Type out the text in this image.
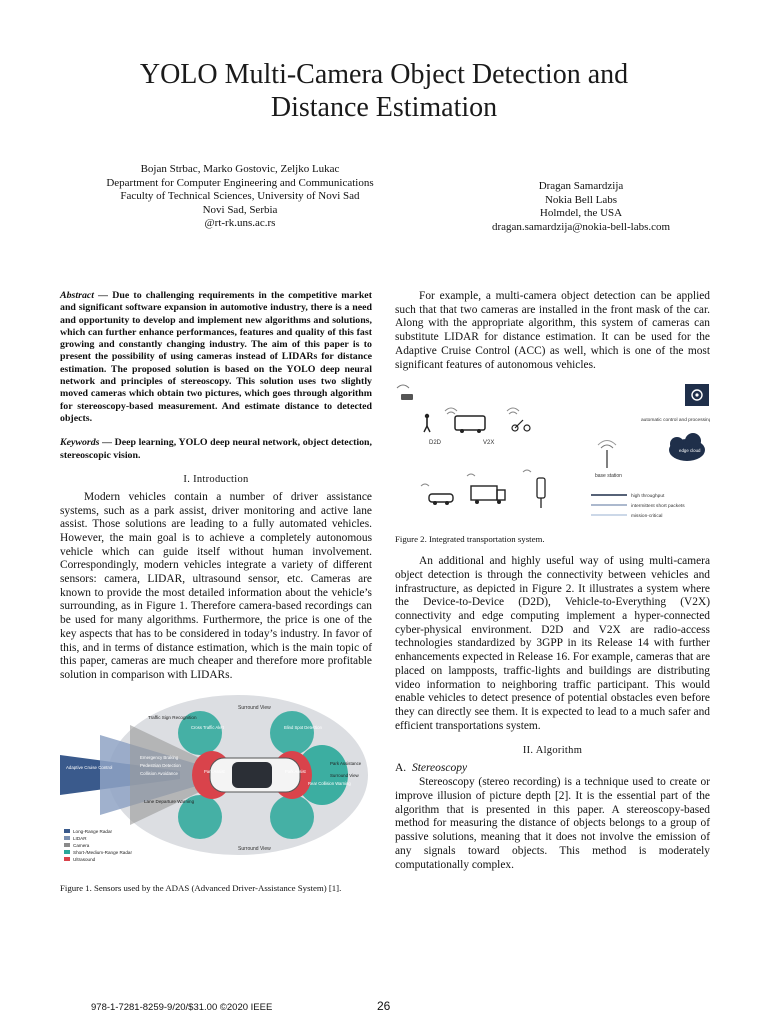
YOLO Multi-Camera Object Detection and
Distance Estimation
Bojan Strbac, Marko Gostovic, Zeljko Lukac
Department for Computer Engineering and Communications
Faculty of Technical Sciences, University of Novi Sad
Novi Sad, Serbia
@rt-rk.uns.ac.rs
Dragan Samardzija
Nokia Bell Labs
Holmdel, the USA
dragan.samardzija@nokia-bell-labs.com

Abstract — Due to challenging requirements in the competitive market and significant software expansion in automotive industry, there is a need and opportunity to develop and implement new algorithms and solutions, which can further enhance performances, features and quality of this fast growing and constantly changing industry. The aim of this paper is to present the possibility of using cameras instead of LIDARs for distance estimation. The proposed solution is based on the YOLO deep neural network and principles of stereoscopy. This solution uses two slightly moved cameras which obtain two pictures, which goes through algorithm for stereoscopy-based measurement. And estimate distance to detected objects.

Keywords — Deep learning, YOLO deep neural network, object detection, stereoscopic vision.

I. Introduction

Modern vehicles contain a number of driver assistance systems, such as a park assist, driver monitoring and active lane assist. Those solutions are leading to a fully automated vehicles. However, the main goal is to achieve a completely autonomous vehicle which can guide itself without human involvement. Correspondingly, modern vehicles integrate a variety of different sensors: camera, LIDAR, ultrasound sensor, etc. Cameras are known to provide the most detailed information about the vehicle’s surrounding, as in Figure 1. Therefore camera-based recordings can be used for many algorithms. Furthermore, the price is one of the key aspects that has to be considered in today’s industry. In favor of this, and in terms of distance estimation, which is the main topic of this paper, cameras are much cheaper and therefore more profitable solution in comparison with LIDARs.

Surround View
Surround View
Traffic Sign Recognition
Cross Traffic Alert	Blind Spot Detection
Adaptive Cruise Control
Emergency Braking
Pedestrian Detection
Collision Avoidance	Park Assist	Park Assist
Park Assistance
Surround View
Rear Collision Warning
Lane Departure Warning
Long-Range Radar
LIDAR
Camera
Short-/Medium-Range Radar
Ultrasound

Figure 1. Sensors used by the ADAS (Advanced Driver-Assistance System) [1].

For example, a multi-camera object detection can be applied such that that two cameras are installed in the front mask of the car. Along with the appropriate algorithm, this system of cameras can substitute LIDAR for distance estimation. It can be used for the Adaptive Cruise Control (ACC) as well, which is one of the most significant features of autonomous vehicles.

D2D	V2X
automatic control and processing
edge cloud
base station
high throughput
intermittent short packets
mission-critical

Figure 2. Integrated transportation system.

An additional and highly useful way of using multi-camera object detection is through the connectivity between vehicles and infrastructure, as depicted in Figure 2. It illustrates a system where the Device-to-Device (D2D), Vehicle-to-Everything (V2X) connectivity and edge computing implement a hyper-connected cyber-physical environment. D2D and V2X are radio-access technologies standardized by 3GPP in its Release 14 with further enhancements expected in Release 16. For example, cameras that are placed on lampposts, traffic-lights and buildings are distributing video information to neighboring traffic participant. This would enable vehicles to detect presence of potential obstacles even before they can directly see them. It is expected to lead to a much safer and efficient transportations system.

II. Algorithm
A. Stereoscopy

Stereoscopy (stereo recording) is a technique used to create or improve illusion of picture depth [2]. It is the essential part of the algorithm that is presented in this paper. A stereoscopy-based method for measuring the distance of objects belongs to a group of passive solutions, meaning that it does not involve the emission of any signals toward objects. This method is moderately computationally complex.

978-1-7281-8259-9/20/$31.00 ©2020 IEEE	26
